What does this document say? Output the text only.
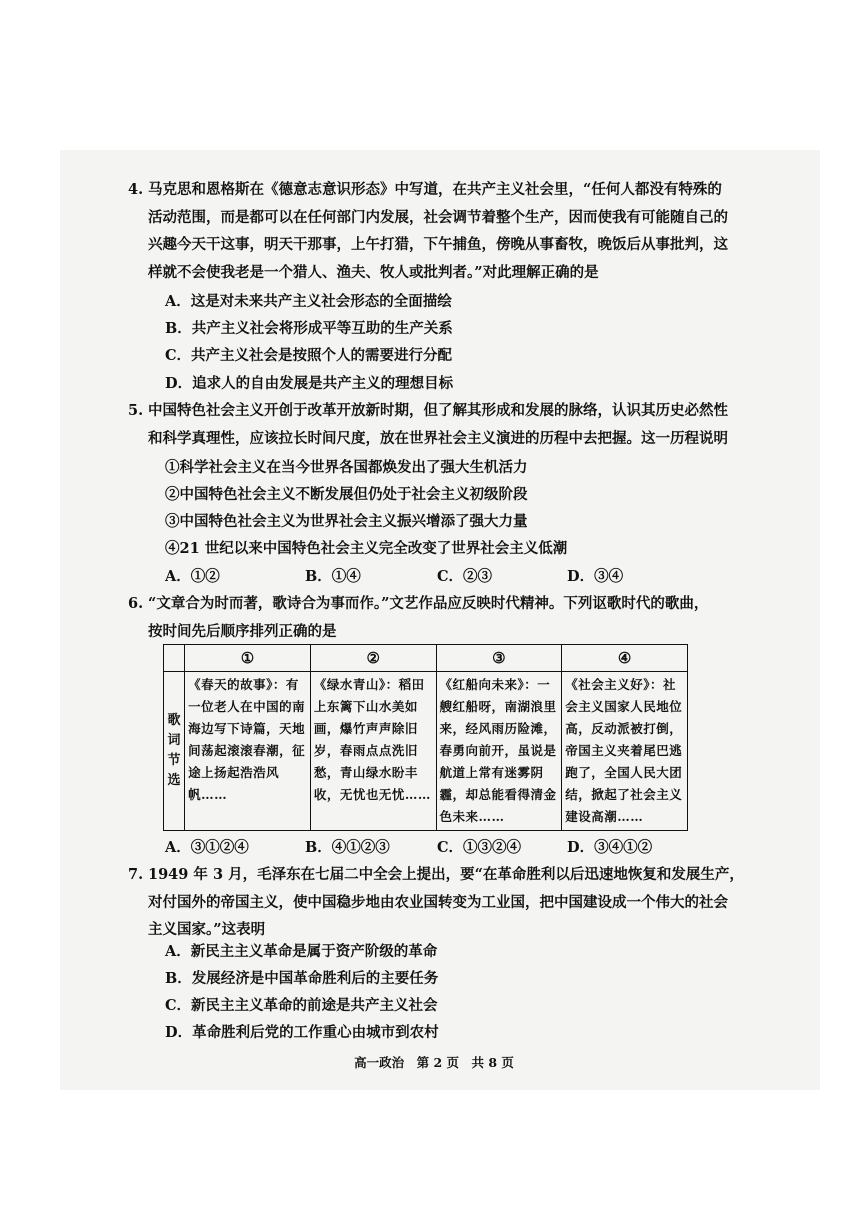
4. 马克思和恩格斯在《德意志意识形态》中写道，在共产主义社会里，“任何人都没有特殊的
活动范围，而是都可以在任何部门内发展，社会调节着整个生产，因而使我有可能随自己的
兴趣今天干这事，明天干那事，上午打猎，下午捕鱼，傍晚从事畜牧，晚饭后从事批判，这
样就不会使我老是一个猎人、渔夫、牧人或批判者。”对此理解正确的是
A．这是对未来共产主义社会形态的全面描绘
B．共产主义社会将形成平等互助的生产关系
C．共产主义社会是按照个人的需要进行分配
D．追求人的自由发展是共产主义的理想目标
5. 中国特色社会主义开创于改革开放新时期，但了解其形成和发展的脉络，认识其历史必然性
和科学真理性，应该拉长时间尺度，放在世界社会主义演进的历程中去把握。这一历程说明
①科学社会主义在当今世界各国都焕发出了强大生机活力
②中国特色社会主义不断发展但仍处于社会主义初级阶段
③中国特色社会主义为世界社会主义振兴增添了强大力量
④21 世纪以来中国特色社会主义完全改变了世界社会主义低潮
A．①②	B．①④	C．②③	D．③④
6. “文章合为时而著，歌诗合为事而作。”文艺作品应反映时代精神。下列讴歌时代的歌曲，
按时间先后顺序排列正确的是
	①	②	③	④
歌词节选	《春天的故事》：有一位老人在中国的南海边写下诗篇，天地间荡起滚滚春潮，征途上扬起浩浩风帆……	《绿水青山》：稻田上东篱下山水美如画，爆竹声声除旧岁，春雨点点洗旧愁，青山绿水盼丰收，无忧也无忧……	《红船向未来》：一艘红船呀，南湖浪里来，经风雨历险滩，春勇向前开，虽说是航道上常有迷雾阴霾，却总能看得清金色未来……	《社会主义好》：社会主义国家人民地位高，反动派被打倒，帝国主义夹着尾巴逃跑了，全国人民大团结，掀起了社会主义建设高潮……
A．③①②④	B．④①②③	C．①③②④	D．③④①②
7. 1949 年 3 月，毛泽东在七届二中全会上提出，要“在革命胜利以后迅速地恢复和发展生产，
对付国外的帝国主义，使中国稳步地由农业国转变为工业国，把中国建设成一个伟大的社会
主义国家。”这表明
A．新民主主义革命是属于资产阶级的革命
B．发展经济是中国革命胜利后的主要任务
C．新民主主义革命的前途是共产主义社会
D．革命胜利后党的工作重心由城市到农村
高一政治　第 2 页　共 8 页
